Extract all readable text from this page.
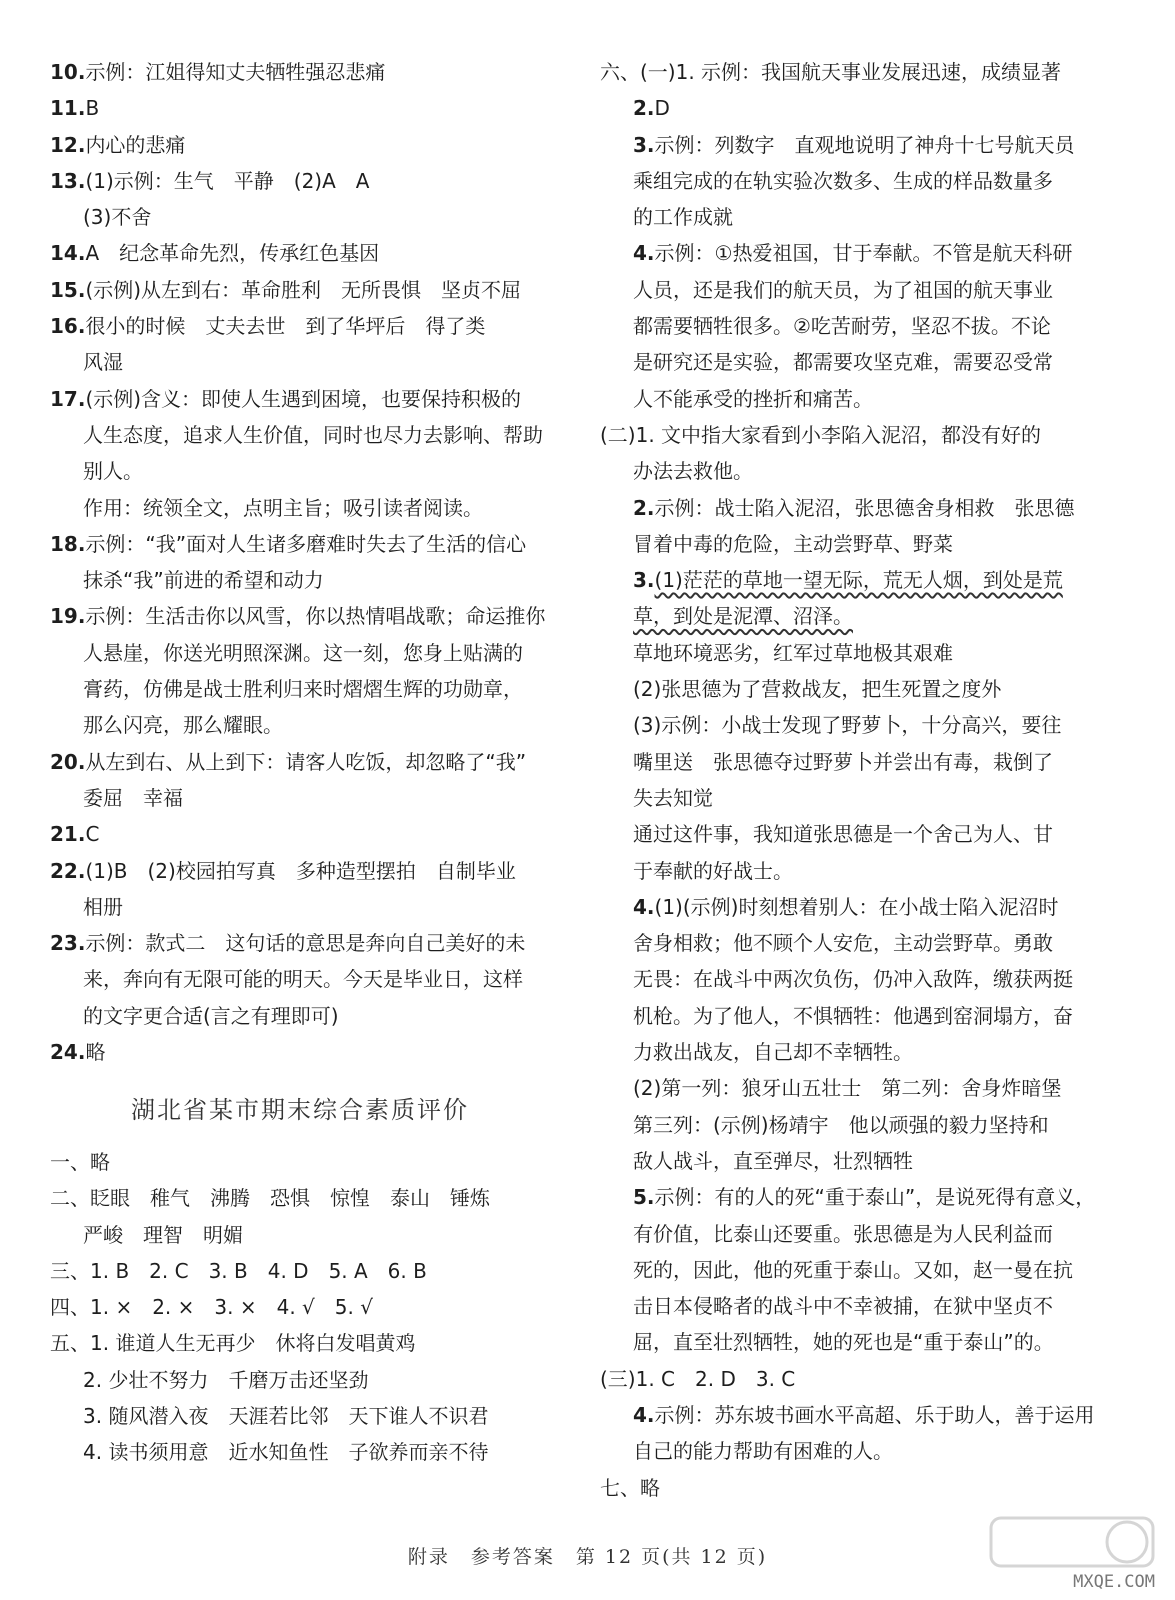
10.示例：江姐得知丈夫牺牲强忍悲痛
11.B
12.内心的悲痛
13.(1)示例：生气　平静　(2)A　A
(3)不舍
14.A　纪念革命先烈，传承红色基因
15.(示例)从左到右：革命胜利　无所畏惧　坚贞不屈
16.很小的时候　丈夫去世　到了华坪后　得了类
风湿
17.(示例)含义：即使人生遇到困境，也要保持积极的
人生态度，追求人生价值，同时也尽力去影响、帮助
别人。
作用：统领全文，点明主旨；吸引读者阅读。
18.示例：“我”面对人生诸多磨难时失去了生活的信心
抹杀“我”前进的希望和动力
19.示例：生活击你以风雪，你以热情唱战歌；命运推你
人悬崖，你送光明照深渊。这一刻，您身上贴满的
膏药，仿佛是战士胜利归来时熠熠生辉的功勋章，
那么闪亮，那么耀眼。
20.从左到右、从上到下：请客人吃饭，却忽略了“我”
委屈　幸福
21.C
22.(1)B　(2)校园拍写真　多种造型摆拍　自制毕业
相册
23.示例：款式二　这句话的意思是奔向自己美好的未
来，奔向有无限可能的明天。今天是毕业日，这样
的文字更合适(言之有理即可)
24.略
湖北省某市期末综合素质评价
一、略
二、眨眼　稚气　沸腾　恐惧　惊惶　泰山　锤炼
严峻　理智　明媚
三、1. B　2. C　3. B　4. D　5. A　6. B
四、1. ×　2. ×　3. ×　4. √　5. √
五、1. 谁道人生无再少　休将白发唱黄鸡
2. 少壮不努力　千磨万击还坚劲
3. 随风潜入夜　天涯若比邻　天下谁人不识君
4. 读书须用意　近水知鱼性　子欲养而亲不待
六、(一)1. 示例：我国航天事业发展迅速，成绩显著
2.D
3.示例：列数字　直观地说明了神舟十七号航天员
乘组完成的在轨实验次数多、生成的样品数量多
的工作成就
4.示例：①热爱祖国，甘于奉献。不管是航天科研
人员，还是我们的航天员，为了祖国的航天事业
都需要牺牲很多。②吃苦耐劳，坚忍不拔。不论
是研究还是实验，都需要攻坚克难，需要忍受常
人不能承受的挫折和痛苦。
(二)1. 文中指大家看到小李陷入泥沼，都没有好的
办法去救他。
2.示例：战士陷入泥沼，张思德舍身相救　张思德
冒着中毒的危险，主动尝野草、野菜
3.(1)茫茫的草地一望无际，荒无人烟，到处是荒
草，到处是泥潭、沼泽。
草地环境恶劣，红军过草地极其艰难
(2)张思德为了营救战友，把生死置之度外
(3)示例：小战士发现了野萝卜，十分高兴，要往
嘴里送　张思德夺过野萝卜并尝出有毒，栽倒了
失去知觉
通过这件事，我知道张思德是一个舍己为人、甘
于奉献的好战士。
4.(1)(示例)时刻想着别人：在小战士陷入泥沼时
舍身相救；他不顾个人安危，主动尝野草。勇敢
无畏：在战斗中两次负伤，仍冲入敌阵，缴获两挺
机枪。为了他人，不惧牺牲：他遇到窑洞塌方，奋
力救出战友，自己却不幸牺牲。
(2)第一列：狼牙山五壮士　第二列：舍身炸暗堡
第三列：(示例)杨靖宇　他以顽强的毅力坚持和
敌人战斗，直至弹尽，壮烈牺牲
5.示例：有的人的死“重于泰山”，是说死得有意义，
有价值，比泰山还要重。张思德是为人民利益而
死的，因此，他的死重于泰山。又如，赵一曼在抗
击日本侵略者的战斗中不幸被捕，在狱中坚贞不
屈，直至壮烈牺牲，她的死也是“重于泰山”的。
(三)1. C　2. D　3. C
4.示例：苏东坡书画水平高超、乐于助人，善于运用
自己的能力帮助有困难的人。
七、略
附录　参考答案　第 12 页(共 12 页)
MXQE.COM
